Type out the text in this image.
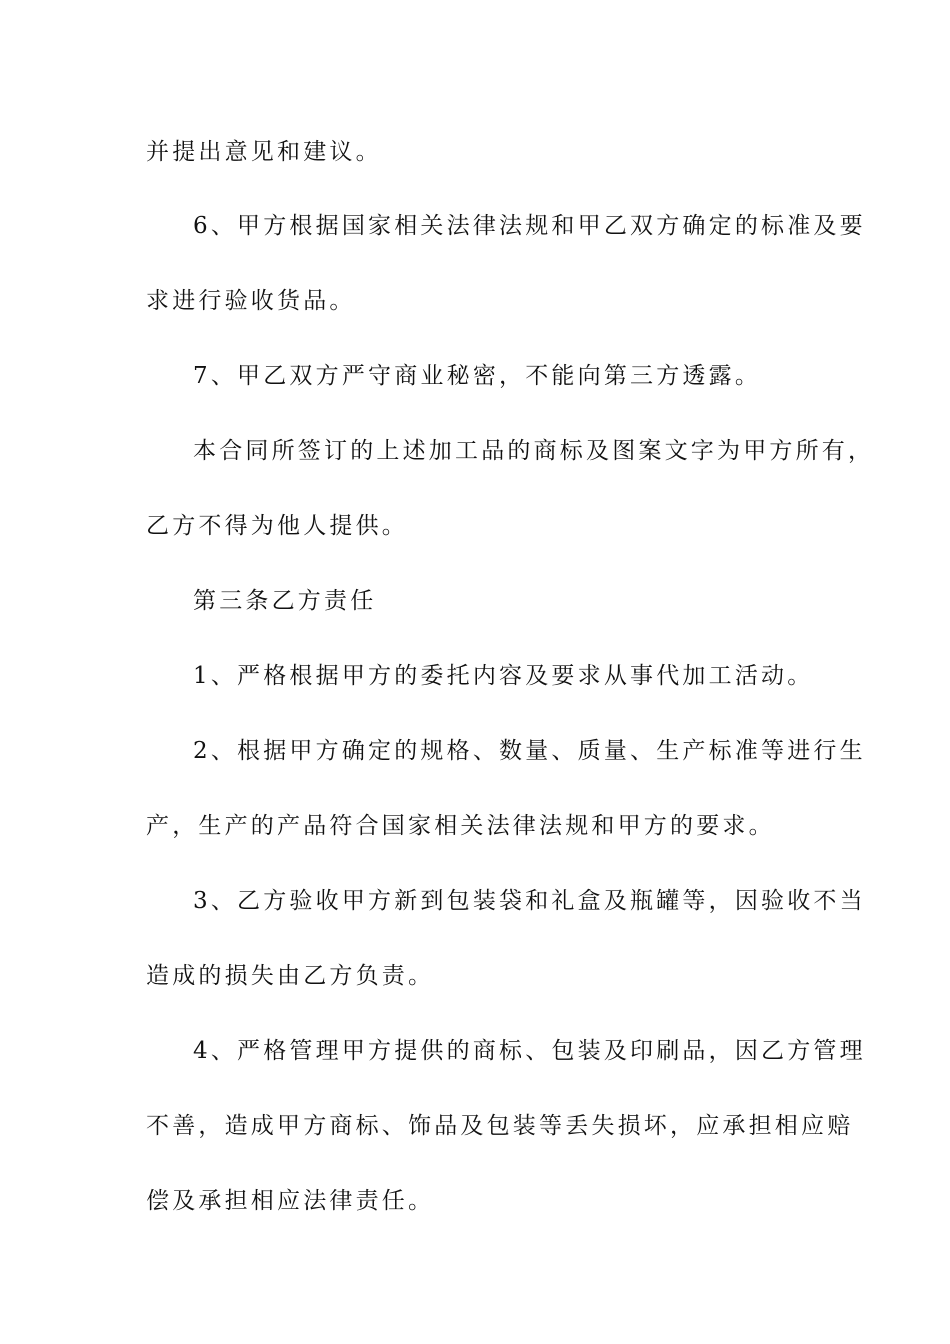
并提出意见和建议。
6、甲方根据国家相关法律法规和甲乙双方确定的标准及要
求进行验收货品。
7、甲乙双方严守商业秘密，不能向第三方透露。
本合同所签订的上述加工品的商标及图案文字为甲方所有，
乙方不得为他人提供。
第三条乙方责任
1、严格根据甲方的委托内容及要求从事代加工活动。
2、根据甲方确定的规格、数量、质量、生产标准等进行生
产，生产的产品符合国家相关法律法规和甲方的要求。
3、乙方验收甲方新到包装袋和礼盒及瓶罐等，因验收不当
造成的损失由乙方负责。
4、严格管理甲方提供的商标、包装及印刷品，因乙方管理
不善，造成甲方商标、饰品及包装等丢失损坏，应承担相应赔
偿及承担相应法律责任。
